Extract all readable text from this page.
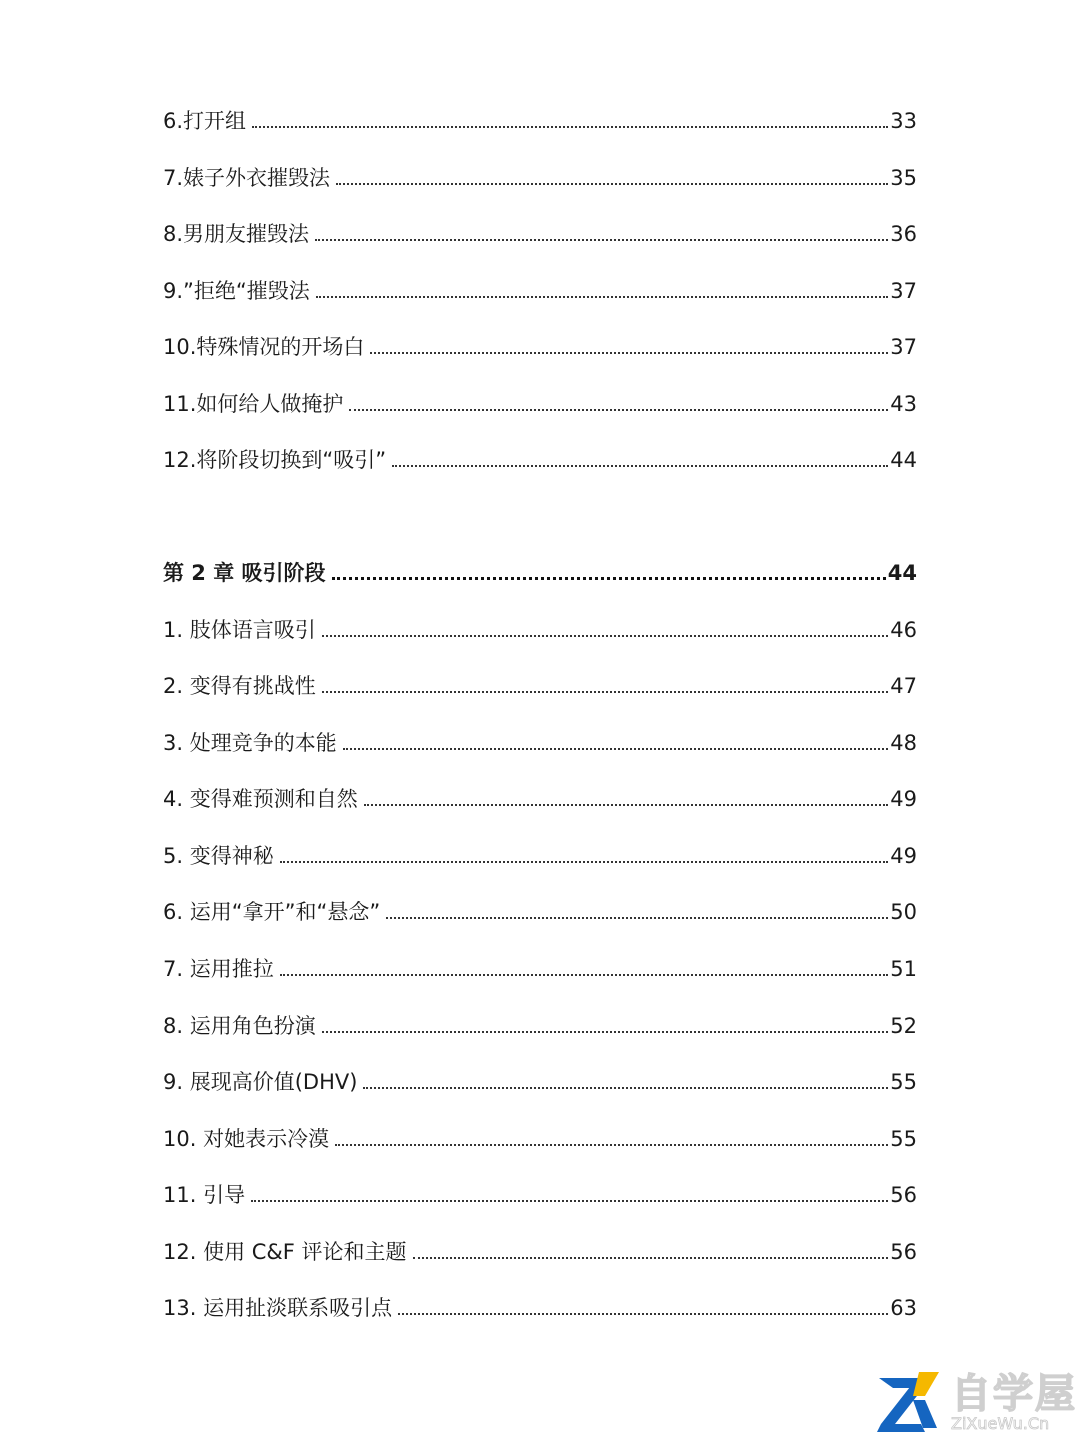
6.打开组	33
7.婊子外衣摧毁法	35
8.男朋友摧毁法	36
9.”拒绝“摧毁法	37
10.特殊情况的开场白	37
11.如何给人做掩护	43
12.将阶段切换到“吸引”	44
第 2 章 吸引阶段	44
1. 肢体语言吸引	46
2. 变得有挑战性	47
3. 处理竞争的本能	48
4. 变得难预测和自然	49
5. 变得神秘	49
6. 运用“拿开”和“悬念”	50
7. 运用推拉	51
8. 运用角色扮演	52
9. 展现高价值(DHV)	55
10. 对她表示冷漠	55
11. 引导	56
12. 使用 C&F 评论和主题	56
13. 运用扯淡联系吸引点	63
自学屋
ZiXueWu.Cn
